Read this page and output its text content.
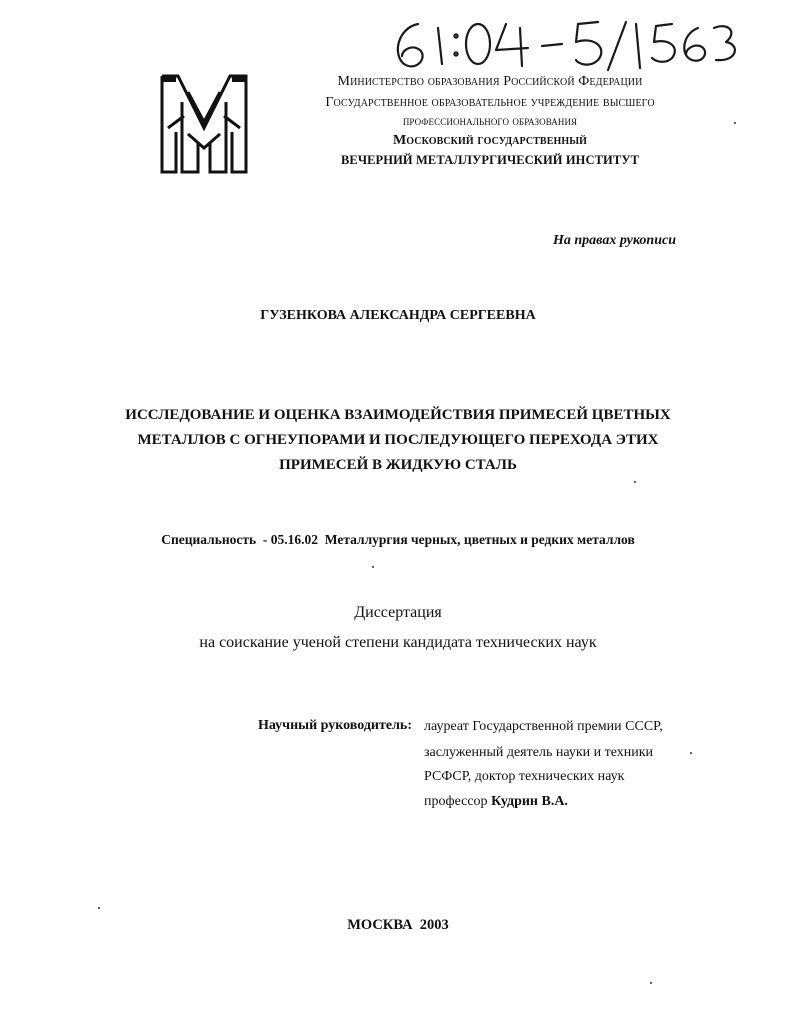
Министерство образования Российской Федерации
Государственное образовательное учреждение высшего
профессионального образования
Московский государственный
ВЕЧЕРНИЙ МЕТАЛЛУРГИЧЕСКИЙ ИНСТИТУТ
На правах рукописи
ГУЗЕНКОВА АЛЕКСАНДРА СЕРГЕЕВНА
ИССЛЕДОВАНИЕ И ОЦЕНКА ВЗАИМОДЕЙСТВИЯ ПРИМЕСЕЙ ЦВЕТНЫХ
МЕТАЛЛОВ С ОГНЕУПОРАМИ И ПОСЛЕДУЮЩЕГО ПЕРЕХОДА ЭТИХ
ПРИМЕСЕЙ В ЖИДКУЮ СТАЛЬ
Специальность  - 05.16.02  Металлургия черных, цветных и редких металлов
Диссертация
на соискание ученой степени кандидата технических наук
Научный руководитель: лауреат Государственной премии СССР,
заслуженный деятель науки и техники
РСФСР, доктор технических наук
профессор Кудрин В.А.
МОСКВА  2003
